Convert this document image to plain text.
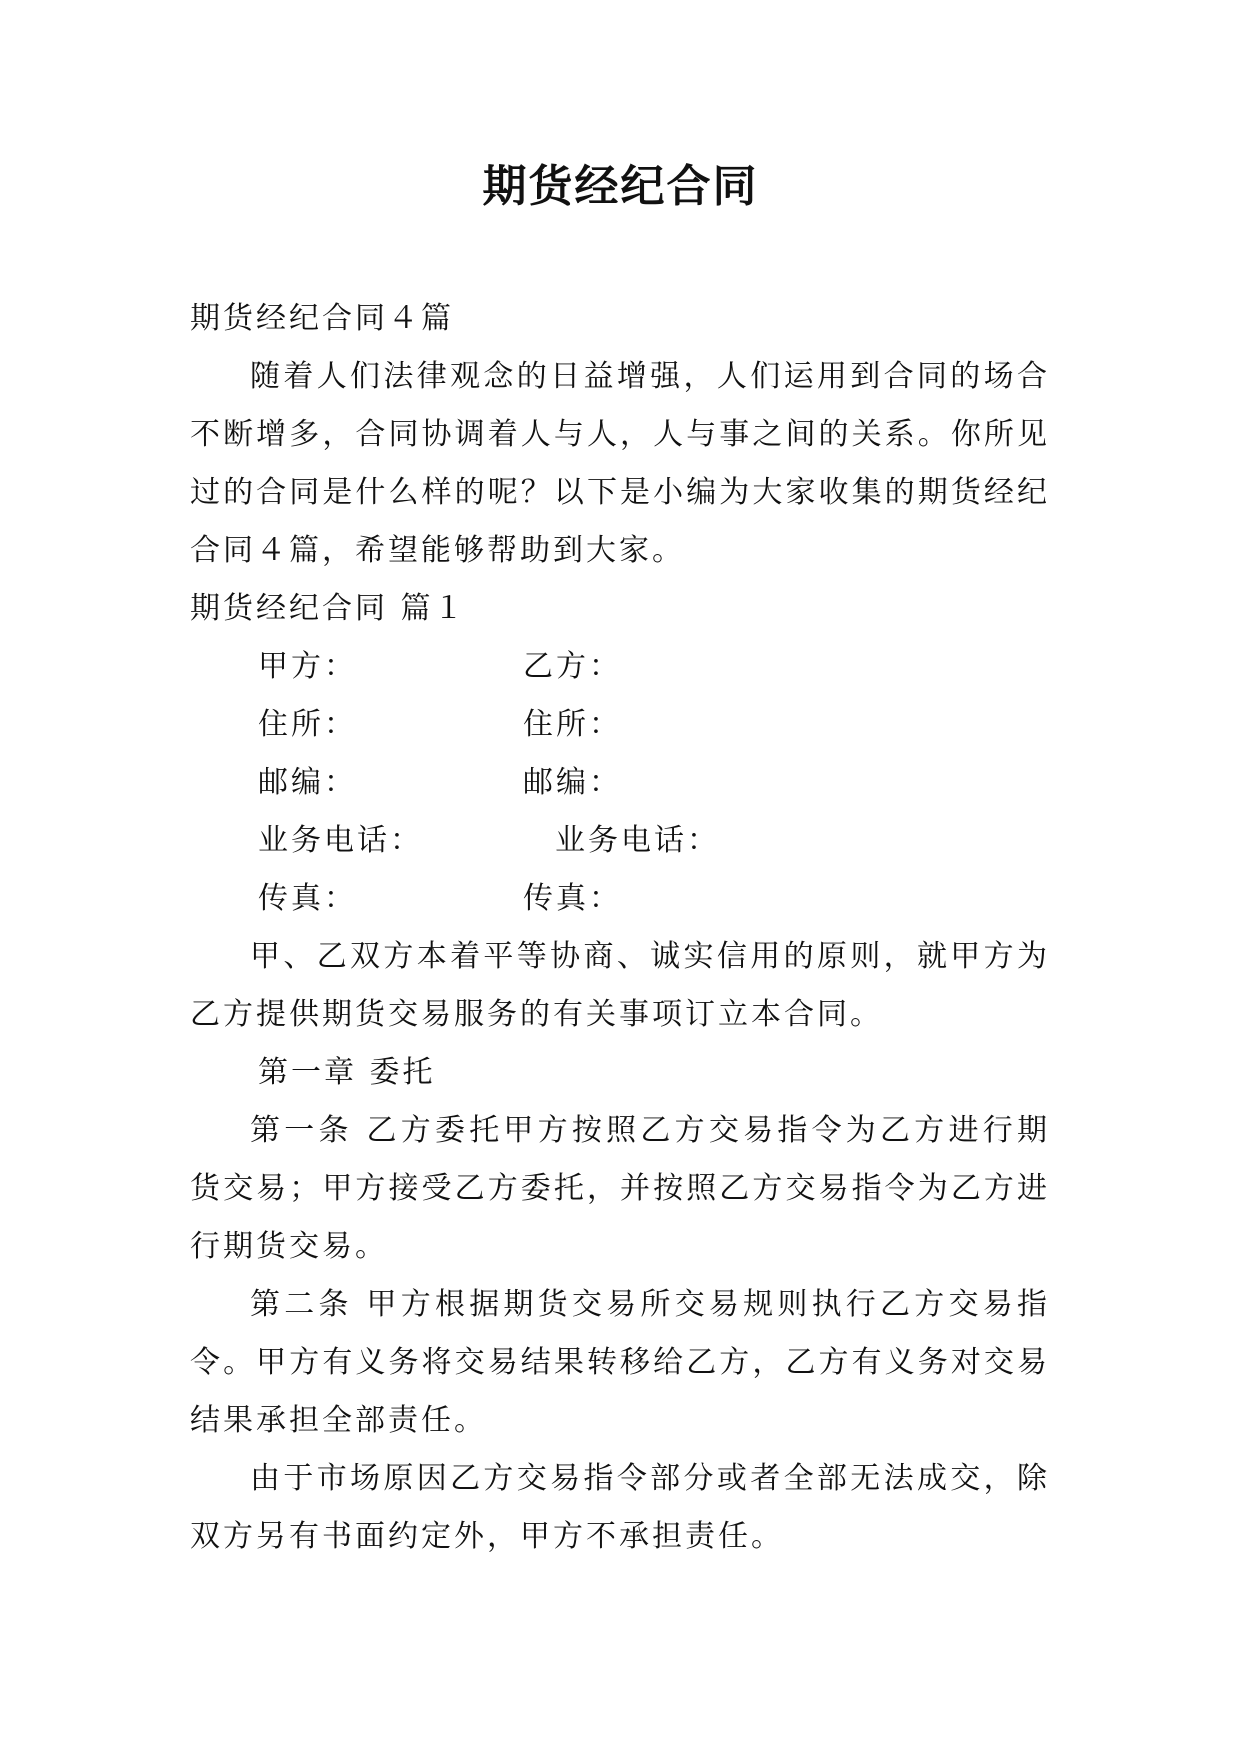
期货经纪合同

期货经纪合同４篇

随着人们法律观念的日益增强，人们运用到合同的场合不断增多，合同协调着人与人，人与事之间的关系。你所见过的合同是什么样的呢？以下是小编为大家收集的期货经纪合同４篇，希望能够帮助到大家。

期货经纪合同 篇１

甲方：	乙方：
住所：	住所：
邮编：	邮编：
业务电话：	业务电话：
传真：	传真：

甲、乙双方本着平等协商、诚实信用的原则，就甲方为乙方提供期货交易服务的有关事项订立本合同。

第一章 委托

第一条 乙方委托甲方按照乙方交易指令为乙方进行期货交易；甲方接受乙方委托，并按照乙方交易指令为乙方进行期货交易。

第二条 甲方根据期货交易所交易规则执行乙方交易指令。甲方有义务将交易结果转移给乙方，乙方有义务对交易结果承担全部责任。

由于市场原因乙方交易指令部分或者全部无法成交，除双方另有书面约定外，甲方不承担责任。
